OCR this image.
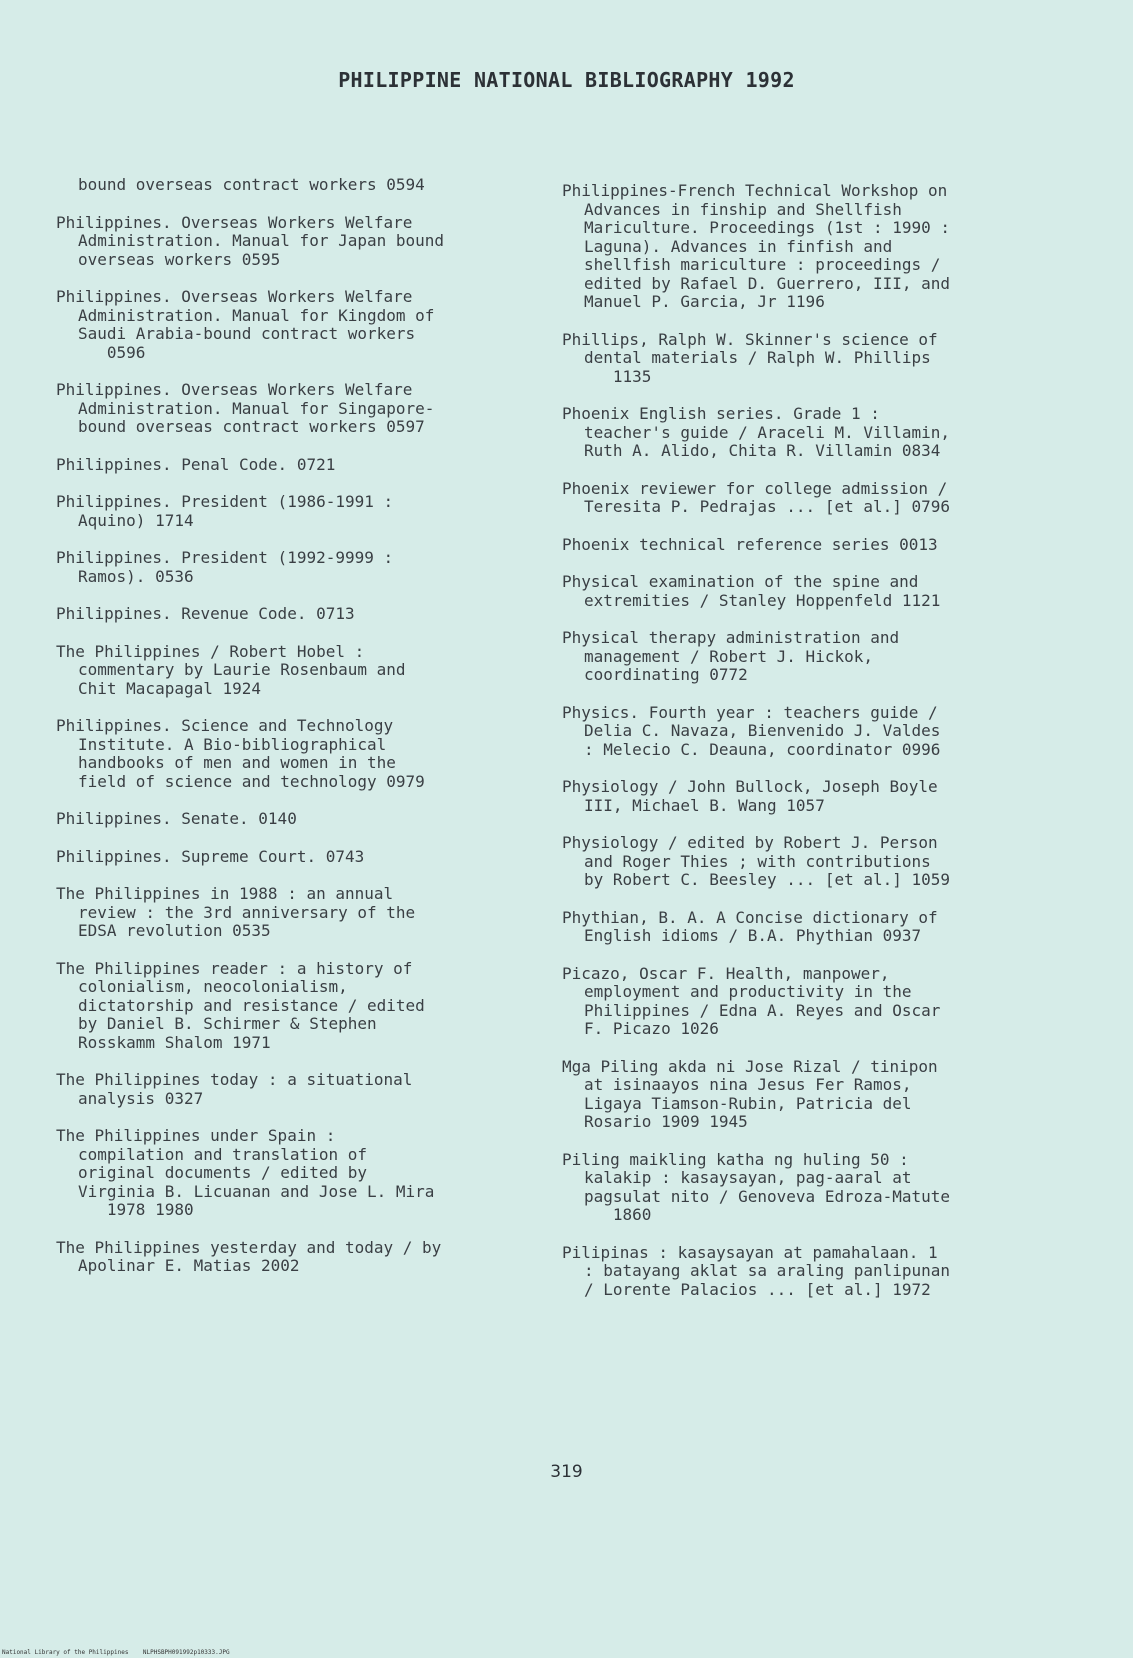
PHILIPPINE NATIONAL BIBLIOGRAPHY 1992

bound overseas contract workers 0594

Philippines. Overseas Workers Welfare
Administration. Manual for Japan bound
overseas workers 0595

Philippines. Overseas Workers Welfare
Administration. Manual for Kingdom of
Saudi Arabia-bound contract workers
0596

Philippines. Overseas Workers Welfare
Administration. Manual for Singapore-
bound overseas contract workers 0597

Philippines. Penal Code. 0721

Philippines. President (1986-1991 :
Aquino) 1714

Philippines. President (1992-9999 :
Ramos). 0536

Philippines. Revenue Code. 0713

The Philippines / Robert Hobel :
commentary by Laurie Rosenbaum and
Chit Macapagal 1924

Philippines. Science and Technology
Institute. A Bio-bibliographical
handbooks of men and women in the
field of science and technology 0979

Philippines. Senate. 0140

Philippines. Supreme Court. 0743

The Philippines in 1988 : an annual
review : the 3rd anniversary of the
EDSA revolution 0535

The Philippines reader : a history of
colonialism, neocolonialism,
dictatorship and resistance / edited
by Daniel B. Schirmer & Stephen
Rosskamm Shalom 1971

The Philippines today : a situational
analysis 0327

The Philippines under Spain :
compilation and translation of
original documents / edited by
Virginia B. Licuanan and Jose L. Mira
1978 1980

The Philippines yesterday and today / by
Apolinar E. Matias 2002

Philippines-French Technical Workshop on
Advances in finship and Shellfish
Mariculture. Proceedings (1st : 1990 :
Laguna). Advances in finfish and
shellfish mariculture : proceedings /
edited by Rafael D. Guerrero, III, and
Manuel P. Garcia, Jr 1196

Phillips, Ralph W. Skinner's science of
dental materials / Ralph W. Phillips
1135

Phoenix English series. Grade 1 :
teacher's guide / Araceli M. Villamin,
Ruth A. Alido, Chita R. Villamin 0834

Phoenix reviewer for college admission /
Teresita P. Pedrajas ... [et al.] 0796

Phoenix technical reference series 0013

Physical examination of the spine and
extremities / Stanley Hoppenfeld 1121

Physical therapy administration and
management / Robert J. Hickok,
coordinating 0772

Physics. Fourth year : teachers guide /
Delia C. Navaza, Bienvenido J. Valdes
: Melecio C. Deauna, coordinator 0996

Physiology / John Bullock, Joseph Boyle
III, Michael B. Wang 1057

Physiology / edited by Robert J. Person
and Roger Thies ; with contributions
by Robert C. Beesley ... [et al.] 1059

Phythian, B. A. A Concise dictionary of
English idioms / B.A. Phythian 0937

Picazo, Oscar F. Health, manpower,
employment and productivity in the
Philippines / Edna A. Reyes and Oscar
F. Picazo 1026

Mga Piling akda ni Jose Rizal / tinipon
at isinaayos nina Jesus Fer Ramos,
Ligaya Tiamson-Rubin, Patricia del
Rosario 1909 1945

Piling maikling katha ng huling 50 :
kalakip : kasaysayan, pag-aaral at
pagsulat nito / Genoveva Edroza-Matute
1860

Pilipinas : kasaysayan at pamahalaan. 1
: batayang aklat sa araling panlipunan
/ Lorente Palacios ... [et al.] 1972

319
National Library of the Philippines    NLPHSBPH091992p10333.JPG
